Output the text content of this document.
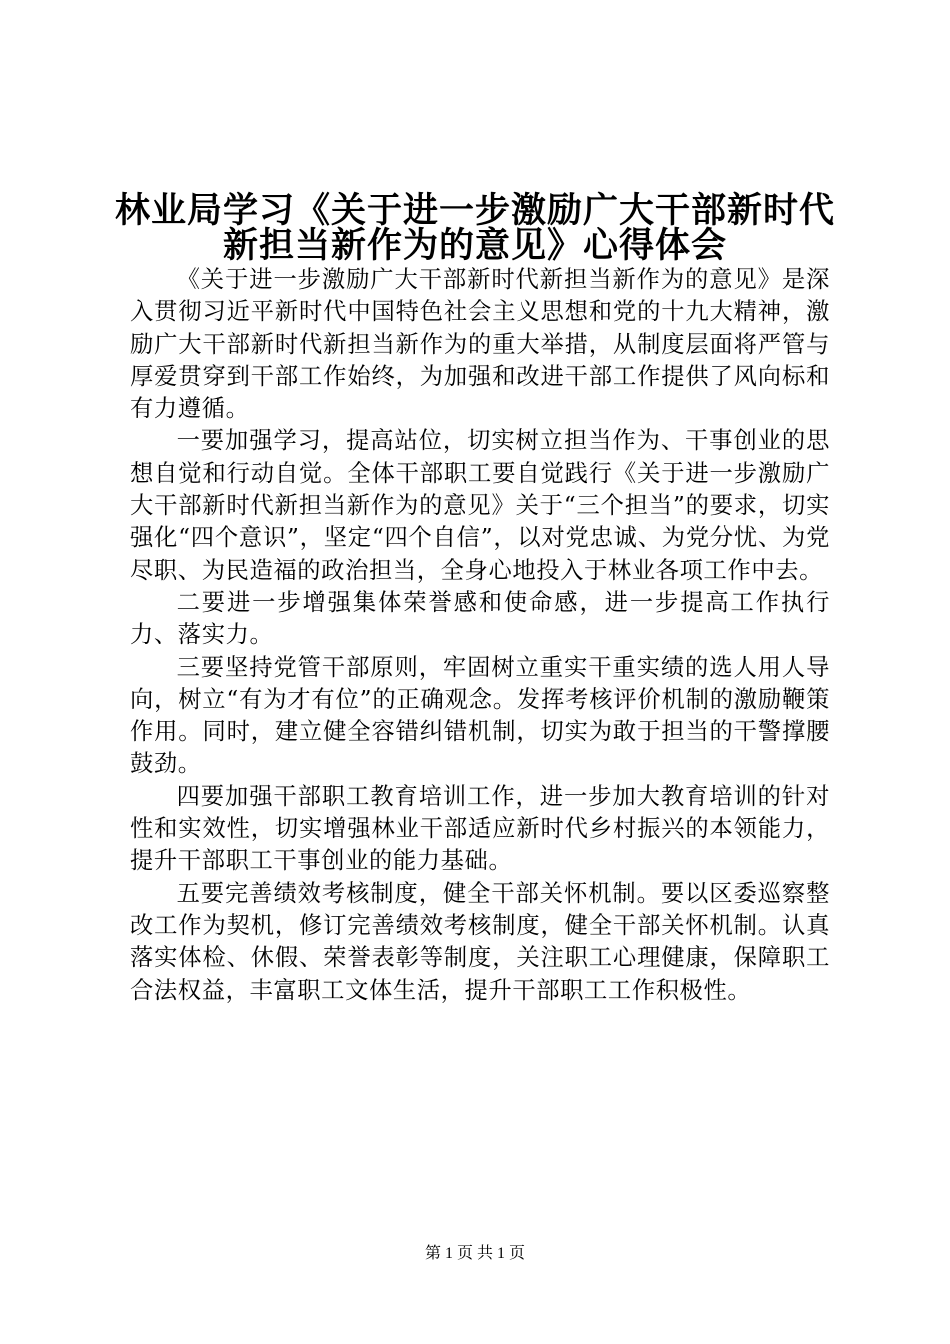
林业局学习《关于进一步激励广大干部新时代
新担当新作为的意见》心得体会

《关于进一步激励广大干部新时代新担当新作为的意见》是深入贯彻习近平新时代中国特色社会主义思想和党的十九大精神，激励广大干部新时代新担当新作为的重大举措，从制度层面将严管与厚爱贯穿到干部工作始终，为加强和改进干部工作提供了风向标和有力遵循。

一要加强学习，提高站位，切实树立担当作为、干事创业的思想自觉和行动自觉。全体干部职工要自觉践行《关于进一步激励广大干部新时代新担当新作为的意见》关于“三个担当”的要求，切实强化“四个意识”，坚定“四个自信”，以对党忠诚、为党分忧、为党尽职、为民造福的政治担当，全身心地投入于林业各项工作中去。

二要进一步增强集体荣誉感和使命感，进一步提高工作执行力、落实力。

三要坚持党管干部原则，牢固树立重实干重实绩的选人用人导向，树立“有为才有位”的正确观念。发挥考核评价机制的激励鞭策作用。同时，建立健全容错纠错机制，切实为敢于担当的干警撑腰鼓劲。

四要加强干部职工教育培训工作，进一步加大教育培训的针对性和实效性，切实增强林业干部适应新时代乡村振兴的本领能力，提升干部职工干事创业的能力基础。

五要完善绩效考核制度，健全干部关怀机制。要以区委巡察整改工作为契机，修订完善绩效考核制度，健全干部关怀机制。认真落实体检、休假、荣誉表彰等制度，关注职工心理健康，保障职工合法权益，丰富职工文体生活，提升干部职工工作积极性。

第 1 页 共 1 页
